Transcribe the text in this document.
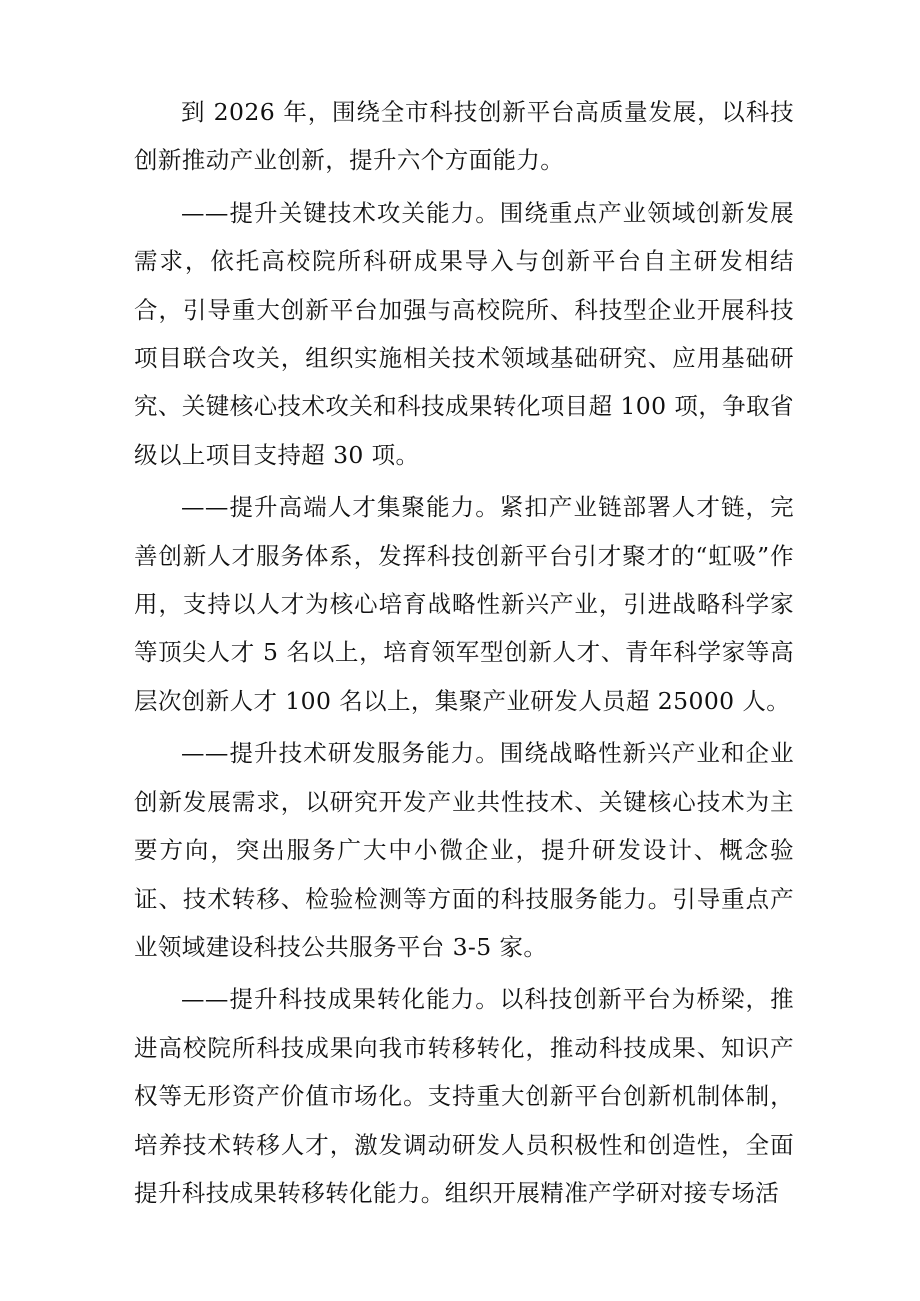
到 2026 年，围绕全市科技创新平台高质量发展，以科技创新推动产业创新，提升六个方面能力。

——提升关键技术攻关能力。围绕重点产业领域创新发展需求，依托高校院所科研成果导入与创新平台自主研发相结合，引导重大创新平台加强与高校院所、科技型企业开展科技项目联合攻关，组织实施相关技术领域基础研究、应用基础研究、关键核心技术攻关和科技成果转化项目超 100 项，争取省级以上项目支持超 30 项。

——提升高端人才集聚能力。紧扣产业链部署人才链，完善创新人才服务体系，发挥科技创新平台引才聚才的“虹吸”作用，支持以人才为核心培育战略性新兴产业，引进战略科学家等顶尖人才 5 名以上，培育领军型创新人才、青年科学家等高层次创新人才 100 名以上，集聚产业研发人员超 25000 人。

——提升技术研发服务能力。围绕战略性新兴产业和企业创新发展需求，以研究开发产业共性技术、关键核心技术为主要方向，突出服务广大中小微企业，提升研发设计、概念验证、技术转移、检验检测等方面的科技服务能力。引导重点产业领域建设科技公共服务平台 3-5 家。

——提升科技成果转化能力。以科技创新平台为桥梁，推进高校院所科技成果向我市转移转化，推动科技成果、知识产权等无形资产价值市场化。支持重大创新平台创新机制体制，培养技术转移人才，激发调动研发人员积极性和创造性，全面提升科技成果转移转化能力。组织开展精准产学研对接专场活
